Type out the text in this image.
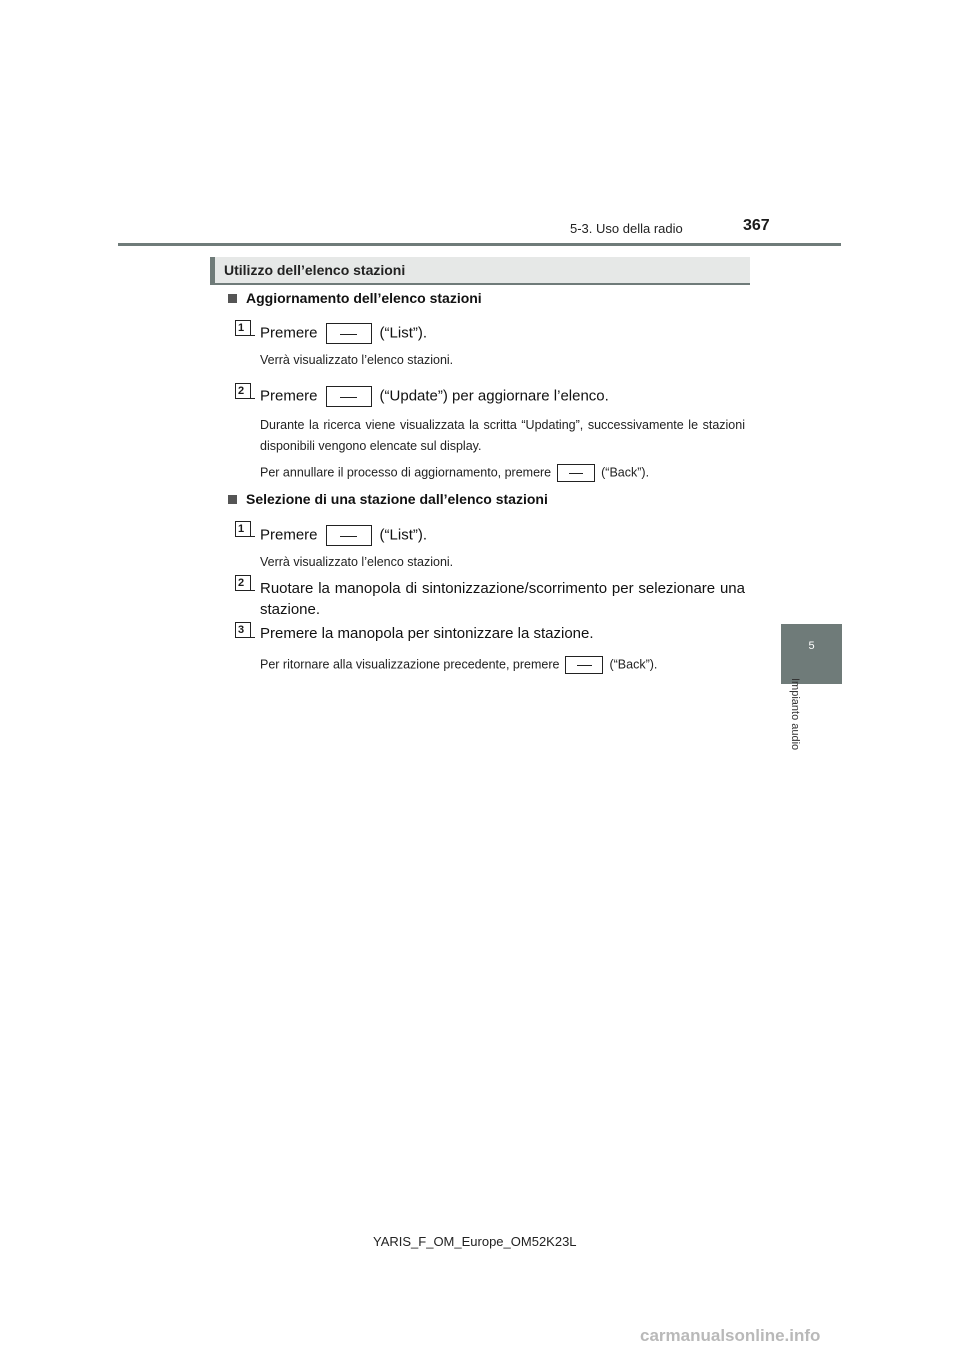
5-3. Uso della radio	367
5
Impianto audio
Utilizzo dell’elenco stazioni
Aggiornamento dell’elenco stazioni
1	Premere	(“List”).
Verrà visualizzato l’elenco stazioni.
2	Premere	(“Update”) per aggiornare l’elenco.
Durante la ricerca viene visualizzata la scritta “Updating”, successivamente le stazioni disponibili vengono elencate sul display.
Per annullare il processo di aggiornamento, premere	(“Back”).
Selezione di una stazione dall’elenco stazioni
1	Premere	(“List”).
Verrà visualizzato l’elenco stazioni.
2	Ruotare la manopola di sintonizzazione/scorrimento per selezionare una stazione.
3	Premere la manopola per sintonizzare la stazione.
Per ritornare alla visualizzazione precedente, premere	(“Back”).
YARIS_F_OM_Europe_OM52K23L
carmanualsonline.info
